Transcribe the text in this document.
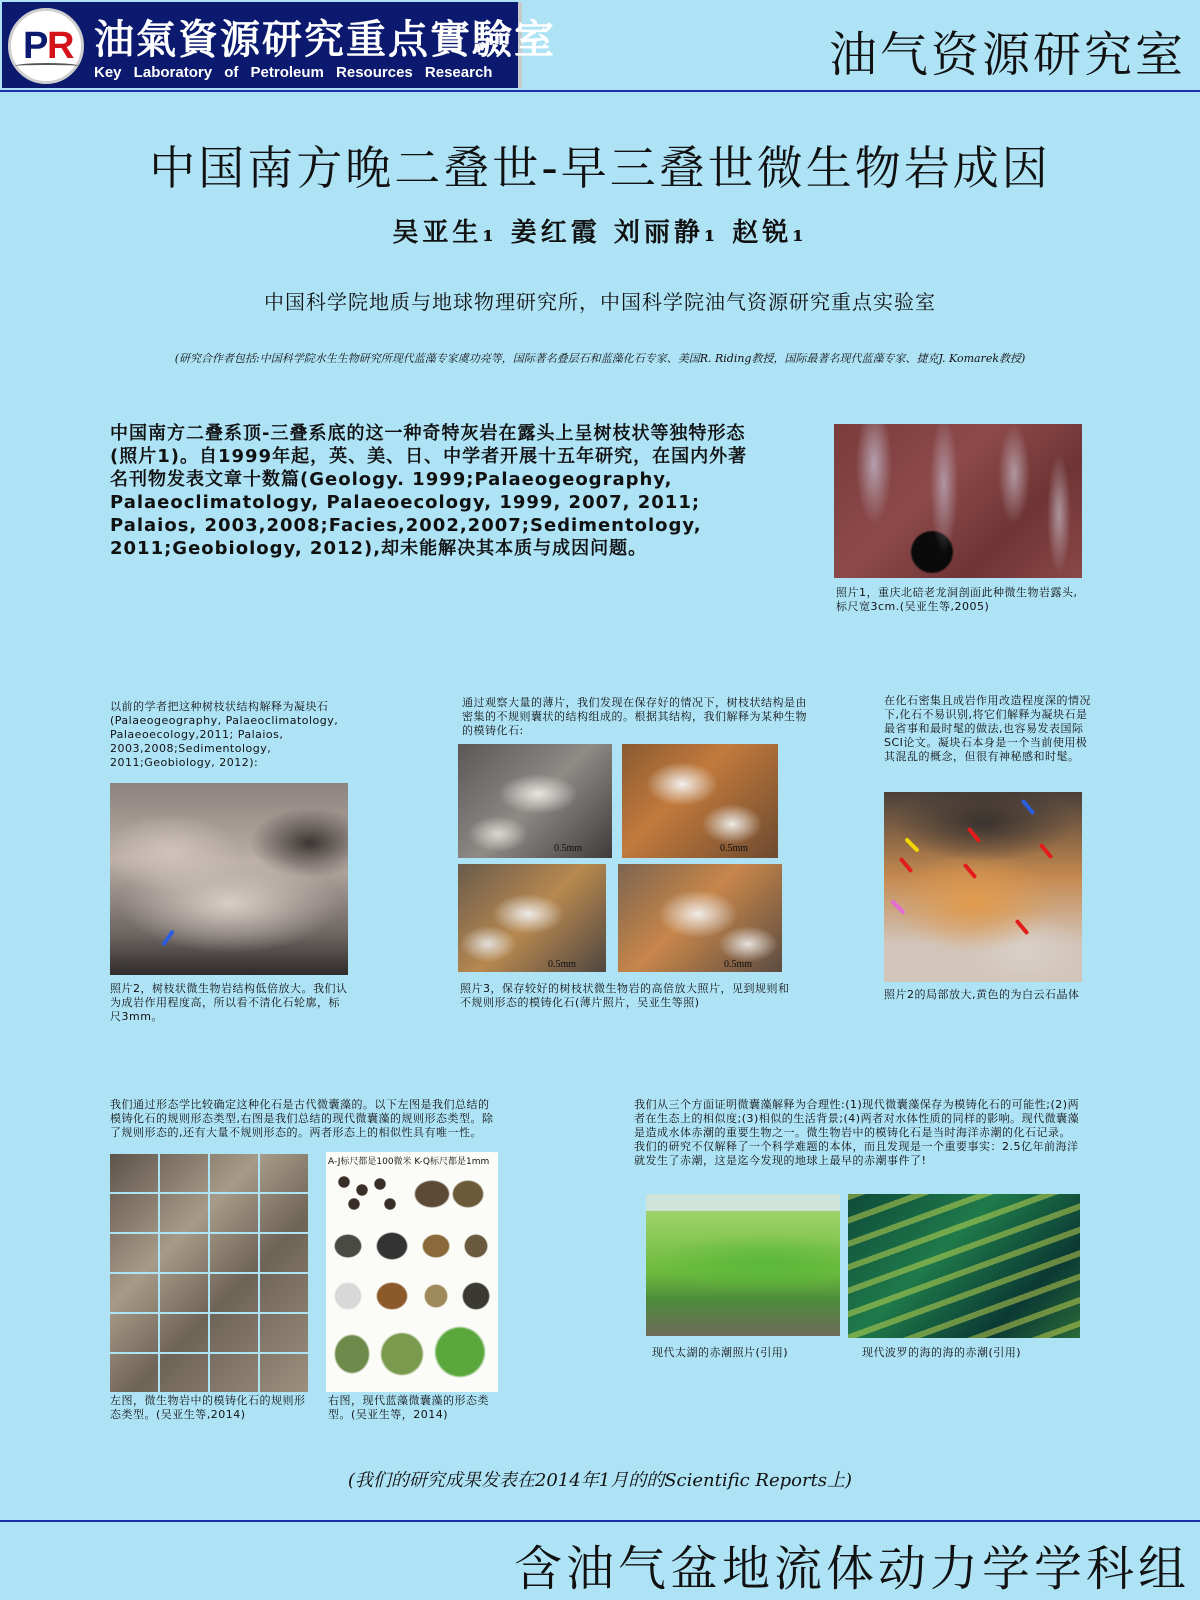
P
R 油氣資源研究重点實驗室
Key Laboratory of Petroleum Resources Research	油气资源研究室
中国南方晚二叠世-早三叠世微生物岩成因
吴亚生₁ 姜红霞 刘丽静₁ 赵锐₁
中国科学院地质与地球物理研究所，中国科学院油气资源研究重点实验室
(研究合作者包括:中国科学院水生生物研究所现代蓝藻专家虞功亮等，国际著名叠层石和蓝藻化石专家、美国R. Riding教授，国际最著名现代蓝藻专家、捷克J. Komarek教授)
中国南方二叠系顶-三叠系底的这一种奇特灰岩在露头上呈树枝状等独特形态(照片1)。自1999年起，英、美、日、中学者开展十五年研究，在国内外著名刊物发表文章十数篇(Geology. 1999;Palaeogeography, Palaeoclimatology, Palaeoecology, 1999, 2007, 2011; Palaios, 2003,2008;Facies,2002,2007;Sedimentology, 2011;Geobiology, 2012),却未能解决其本质与成因问题。
照片1，重庆北碚老龙洞剖面此种微生物岩露头,标尺宽3cm.(吴亚生等,2005)
以前的学者把这种树枝状结构解释为凝块石(Palaeogeography, Palaeoclimatology, Palaeoecology,2011; Palaios, 2003,2008;Sedimentology, 2011;Geobiology, 2012):
照片2，树枝状微生物岩结构低倍放大。我们认为成岩作用程度高，所以看不清化石轮廓，标尺3mm。
通过观察大量的薄片，我们发现在保存好的情况下，树枝状结构是由密集的不规则囊状的结构组成的。根据其结构，我们解释为某种生物的模铸化石:
0.5mm	0.5mm
0.5mm	0.5mm
照片3，保存较好的树枝状微生物岩的高倍放大照片，见到规则和不规则形态的模铸化石(薄片照片，吴亚生等照)
在化石密集且成岩作用改造程度深的情况下,化石不易识别,将它们解释为凝块石是最省事和最时髦的做法,也容易发表国际SCI论文。凝块石本身是一个当前使用极其混乱的概念，但很有神秘感和时髦。
照片2的局部放大,黄色的为白云石晶体
我们通过形态学比较确定这种化石是古代微囊藻的。以下左图是我们总结的模铸化石的规则形态类型,右图是我们总结的现代微囊藻的规则形态类型。除了规则形态的,还有大量不规则形态的。两者形态上的相似性具有唯一性。
A-J标尺都是100微米 K-Q标尺都是1mm
左图，微生物岩中的模铸化石的规则形态类型。(吴亚生等,2014)
右图，现代蓝藻微囊藻的形态类型。(吴亚生等，2014)
我们从三个方面证明微囊藻解释为合理性:(1)现代微囊藻保存为模铸化石的可能性;(2)两者在生态上的相似度;(3)相似的生活背景;(4)两者对水体性质的同样的影响。现代微囊藻是造成水体赤潮的重要生物之一。微生物岩中的模铸化石是当时海洋赤潮的化石记录。我们的研究不仅解释了一个科学难题的本体，而且发现是一个重要事实：2.5亿年前海洋就发生了赤潮，这是迄今发现的地球上最早的赤潮事件了!
现代太湖的赤潮照片(引用)	现代波罗的海的海的赤潮(引用)
(我们的研究成果发表在2014年1月的的Scientific Reports上)
含油气盆地流体动力学学科组
